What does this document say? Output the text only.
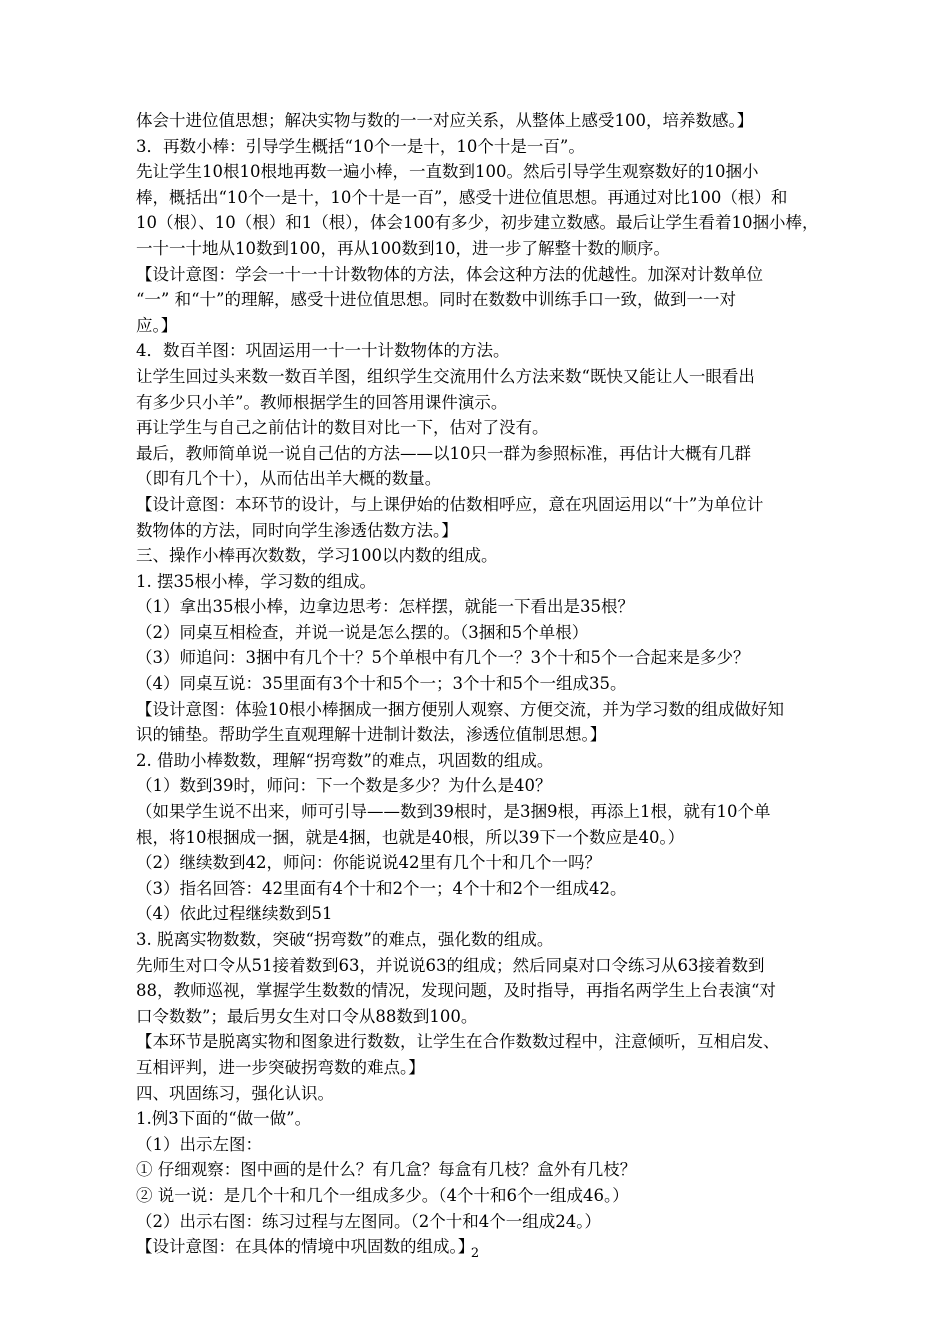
体会十进位值思想；解决实物与数的一一对应关系，从整体上感受100，培养数感。】
3．再数小棒：引导学生概括“10个一是十，10个十是一百”。
先让学生10根10根地再数一遍小棒，一直数到100。然后引导学生观察数好的10捆小
棒，概括出“10个一是十，10个十是一百”，感受十进位值思想。再通过对比100（根）和
10（根）、10（根）和1（根），体会100有多少，初步建立数感。最后让学生看着10捆小棒，
一十一十地从10数到100，再从100数到10，进一步了解整十数的顺序。
【设计意图：学会一十一十计数物体的方法，体会这种方法的优越性。加深对计数单位
“一” 和“十”的理解，感受十进位值思想。同时在数数中训练手口一致，做到一一对
应。】
4．数百羊图：巩固运用一十一十计数物体的方法。
让学生回过头来数一数百羊图，组织学生交流用什么方法来数“既快又能让人一眼看出
有多少只小羊”。教师根据学生的回答用课件演示。
再让学生与自己之前估计的数目对比一下，估对了没有。
最后，教师简单说一说自己估的方法——以10只一群为参照标准，再估计大概有几群
（即有几个十），从而估出羊大概的数量。
【设计意图：本环节的设计，与上课伊始的估数相呼应，意在巩固运用以“十”为单位计
数物体的方法，同时向学生渗透估数方法。】
三、操作小棒再次数数，学习100以内数的组成。
1. 摆35根小棒，学习数的组成。
（1）拿出35根小棒，边拿边思考：怎样摆，就能一下看出是35根？
（2）同桌互相检查，并说一说是怎么摆的。（3捆和5个单根）
（3）师追问：3捆中有几个十？5个单根中有几个一？3个十和5个一合起来是多少？
（4）同桌互说：35里面有3个十和5个一；3个十和5个一组成35。
【设计意图：体验10根小棒捆成一捆方便别人观察、方便交流，并为学习数的组成做好知
识的铺垫。帮助学生直观理解十进制计数法，渗透位值制思想。】
2. 借助小棒数数，理解“拐弯数”的难点，巩固数的组成。
（1）数到39时，师问：下一个数是多少？为什么是40？
（如果学生说不出来，师可引导——数到39根时，是3捆9根，再添上1根，就有10个单
根，将10根捆成一捆，就是4捆，也就是40根，所以39下一个数应是40。）
（2）继续数到42，师问：你能说说42里有几个十和几个一吗？
（3）指名回答：42里面有4个十和2个一；4个十和2个一组成42。
（4）依此过程继续数到51
3. 脱离实物数数，突破“拐弯数”的难点，强化数的组成。
先师生对口令从51接着数到63，并说说63的组成；然后同桌对口令练习从63接着数到
88，教师巡视，掌握学生数数的情况，发现问题，及时指导，再指名两学生上台表演“对
口令数数”；最后男女生对口令从88数到100。
【本环节是脱离实物和图象进行数数，让学生在合作数数过程中，注意倾听，互相启发、
互相评判，进一步突破拐弯数的难点。】
四、巩固练习，强化认识。
1.例3下面的“做一做”。
（1）出示左图：
① 仔细观察：图中画的是什么？有几盒？每盒有几枝？盒外有几枝？
② 说一说：是几个十和几个一组成多少。（4个十和6个一组成46。）
（2）出示右图：练习过程与左图同。（2个十和4个一组成24。）
【设计意图：在具体的情境中巩固数的组成。】
2
